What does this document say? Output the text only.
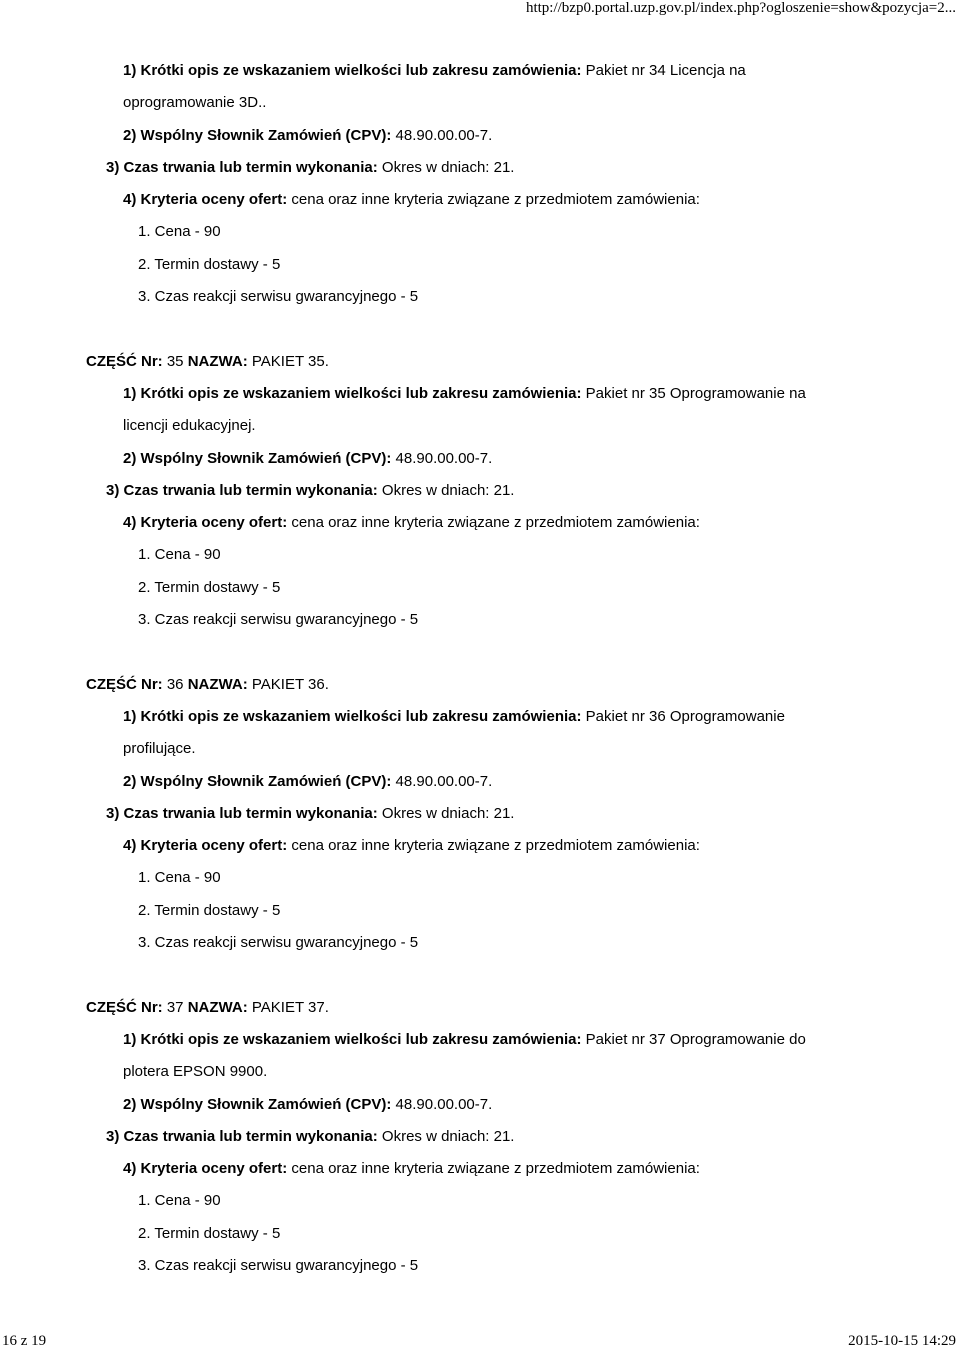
http://bzp0.portal.uzp.gov.pl/index.php?ogloszenie=show&pozycja=2...
1) Krótki opis ze wskazaniem wielkości lub zakresu zamówienia: Pakiet nr 34 Licencja na
oprogramowanie 3D..
2) Wspólny Słownik Zamówień (CPV): 48.90.00.00-7.
3) Czas trwania lub termin wykonania: Okres w dniach: 21.
4) Kryteria oceny ofert: cena oraz inne kryteria związane z przedmiotem zamówienia:
1. Cena - 90
2. Termin dostawy - 5
3. Czas reakcji serwisu gwarancyjnego - 5
CZĘŚĆ Nr: 35 NAZWA: PAKIET 35.
1) Krótki opis ze wskazaniem wielkości lub zakresu zamówienia: Pakiet nr 35 Oprogramowanie na
licencji edukacyjnej.
2) Wspólny Słownik Zamówień (CPV): 48.90.00.00-7.
3) Czas trwania lub termin wykonania: Okres w dniach: 21.
4) Kryteria oceny ofert: cena oraz inne kryteria związane z przedmiotem zamówienia:
1. Cena - 90
2. Termin dostawy - 5
3. Czas reakcji serwisu gwarancyjnego - 5
CZĘŚĆ Nr: 36 NAZWA: PAKIET 36.
1) Krótki opis ze wskazaniem wielkości lub zakresu zamówienia: Pakiet nr 36 Oprogramowanie
profilujące.
2) Wspólny Słownik Zamówień (CPV): 48.90.00.00-7.
3) Czas trwania lub termin wykonania: Okres w dniach: 21.
4) Kryteria oceny ofert: cena oraz inne kryteria związane z przedmiotem zamówienia:
1. Cena - 90
2. Termin dostawy - 5
3. Czas reakcji serwisu gwarancyjnego - 5
CZĘŚĆ Nr: 37 NAZWA: PAKIET 37.
1) Krótki opis ze wskazaniem wielkości lub zakresu zamówienia: Pakiet nr 37 Oprogramowanie do
plotera EPSON 9900.
2) Wspólny Słownik Zamówień (CPV): 48.90.00.00-7.
3) Czas trwania lub termin wykonania: Okres w dniach: 21.
4) Kryteria oceny ofert: cena oraz inne kryteria związane z przedmiotem zamówienia:
1. Cena - 90
2. Termin dostawy - 5
3. Czas reakcji serwisu gwarancyjnego - 5
16 z 19	2015-10-15 14:29
